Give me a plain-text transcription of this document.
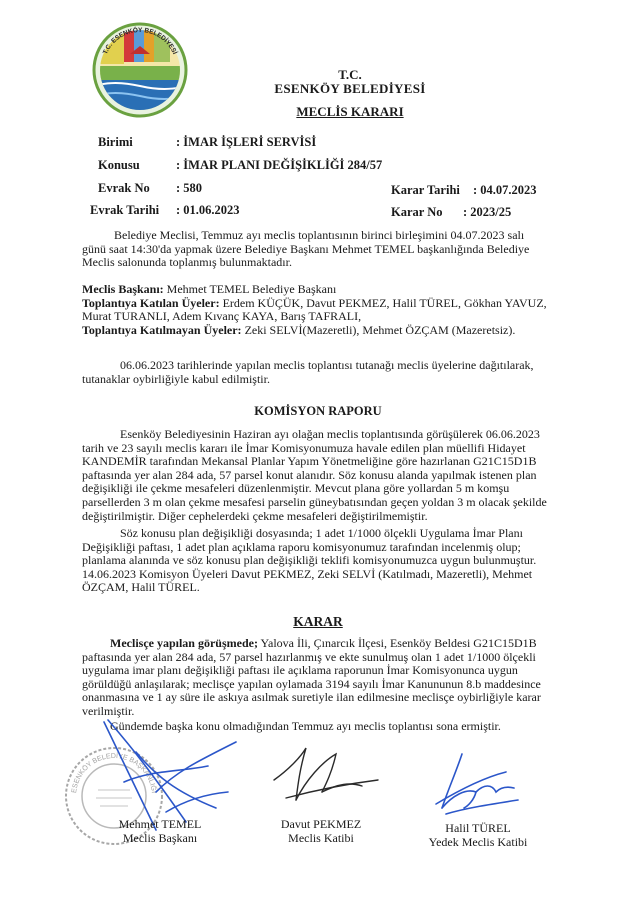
T.C. ESENKÖY BELEDİYESİ
T.C.
ESENKÖY BELEDİYESİ
MECLİS KARARI
Birimi	: İMAR İŞLERİ SERVİSİ
Konusu	: İMAR PLANI DEĞİŞİKLİĞİ 284/57
Evrak No : 580
Evrak Tarihi : 01.06.2023
Karar Tarihi : 04.07.2023
Karar No : 2023/25
Belediye Meclisi, Temmuz ayı meclis toplantısının birinci birleşimini 04.07.2023 salı
günü saat 14:30'da yapmak üzere Belediye Başkanı Mehmet TEMEL başkanlığında Belediye
Meclis salonunda toplanmış bulunmaktadır.
Meclis Başkanı: Mehmet TEMEL Belediye Başkanı
Toplantıya Katılan Üyeler: Erdem KÜÇÜK, Davut PEKMEZ, Halil TÜREL, Gökhan YAVUZ,
Murat TURANLI, Adem Kıvanç KAYA, Barış TAFRALI,
Toplantıya Katılmayan Üyeler: Zeki SELVİ(Mazeretli), Mehmet ÖZÇAM (Mazeretsiz).
06.06.2023 tarihlerinde yapılan meclis toplantısı tutanağı meclis üyelerine dağıtılarak,
tutanaklar oybirliğiyle kabul edilmiştir.
KOMİSYON RAPORU
Esenköy Belediyesinin Haziran ayı olağan meclis toplantısında görüşülerek 06.06.2023
tarih ve 23 sayılı meclis kararı ile İmar Komisyonumuza havale edilen plan müellifi Hidayet
KANDEMİR tarafından Mekansal Planlar Yapım Yönetmeliğine göre hazırlanan G21C15D1B
paftasında yer alan 284 ada, 57 parsel konut alanıdır. Söz konusu alanda yapılmak istenen plan
değişikliği ile çekme mesafeleri düzenlenmiştir. Mevcut plana göre yollardan 5 m komşu
parsellerden 3 m olan çekme mesafesi parselin güneybatısından geçen yoldan 3 m olacak şekilde
değiştirilmiştir. Diğer cephelerdeki çekme mesafeleri değiştirilmemiştir.
Söz konusu plan değişikliği dosyasında; 1 adet 1/1000 ölçekli Uygulama İmar Planı
Değişikliği paftası, 1 adet plan açıklama raporu komisyonumuz tarafından incelenmiş olup;
planlama alanında ve söz konusu plan değişikliği teklifi komisyonumuzca uygun bulunmuştur.
14.06.2023 Komisyon Üyeleri Davut PEKMEZ, Zeki SELVİ (Katılmadı, Mazeretli), Mehmet
ÖZÇAM, Halil TÜREL.
KARAR
Meclisçe yapılan görüşmede; Yalova İli, Çınarcık İlçesi, Esenköy Beldesi G21C15D1B
paftasında yer alan 284 ada, 57 parsel hazırlanmış ve ekte sunulmuş olan 1 adet 1/1000 ölçekli
uygulama imar planı değişikliği paftası ile açıklama raporunun İmar Komisyonunca uygun
görüldüğü anlaşılarak; meclisçe yapılan oylamada 3194 sayılı İmar Kanununun 8.b maddesince
onanmasına ve 1 ay süre ile askıya asılmak suretiyle ilan edilmesine meclisçe oybirliğiyle karar
verilmiştir.
Gündemde başka konu olmadığından Temmuz ayı meclis toplantısı sona ermiştir.
ESENKÖY BELEDİYE BAŞKANLIĞI
Mehmet TEMEL
Meclis Başkanı
Davut PEKMEZ
Meclis Katibi
Halil TÜREL
Yedek Meclis Katibi
